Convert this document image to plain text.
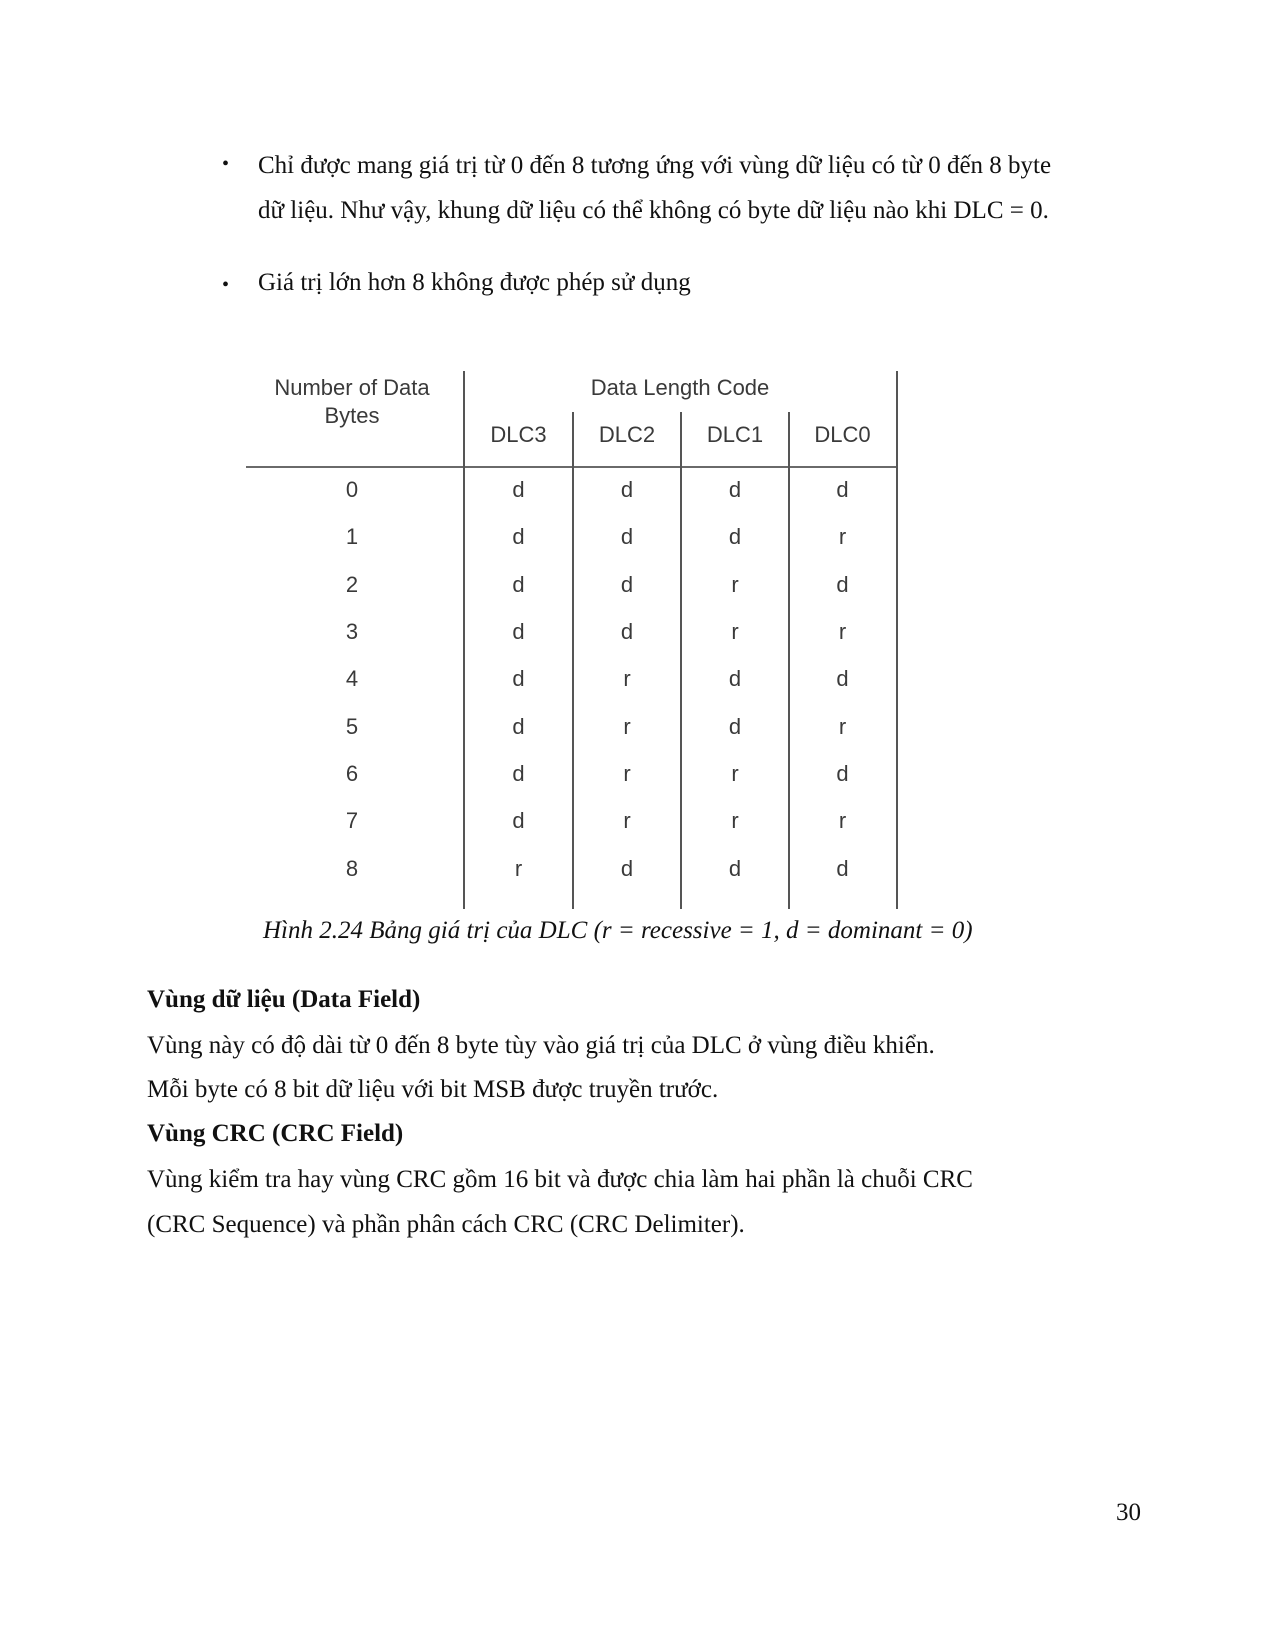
• Chỉ được mang giá trị từ 0 đến 8 tương ứng với vùng dữ liệu có từ 0 đến 8 byte
dữ liệu. Như vậy, khung dữ liệu có thể không có byte dữ liệu nào khi DLC = 0.
• Giá trị lớn hơn 8 không được phép sử dụng
Number of Data
Bytes
Data Length Code
DLC3	DLC2	DLC1	DLC0
0	d	d	d	d
1	d	d	d	r
2	d	d	r	d
3	d	d	r	r
4	d	r	d	d
5	d	r	d	r
6	d	r	r	d
7	d	r	r	r
8	r	d	d	d
Hình 2.24 Bảng giá trị của DLC (r = recessive = 1, d = dominant = 0)
Vùng dữ liệu (Data Field)
Vùng này có độ dài từ 0 đến 8 byte tùy vào giá trị của DLC ở vùng điều khiển.
Mỗi byte có 8 bit dữ liệu với bit MSB được truyền trước.
Vùng CRC (CRC Field)
Vùng kiểm tra hay vùng CRC gồm 16 bit và được chia làm hai phần là chuỗi CRC
(CRC Sequence) và phần phân cách CRC (CRC Delimiter).
30
